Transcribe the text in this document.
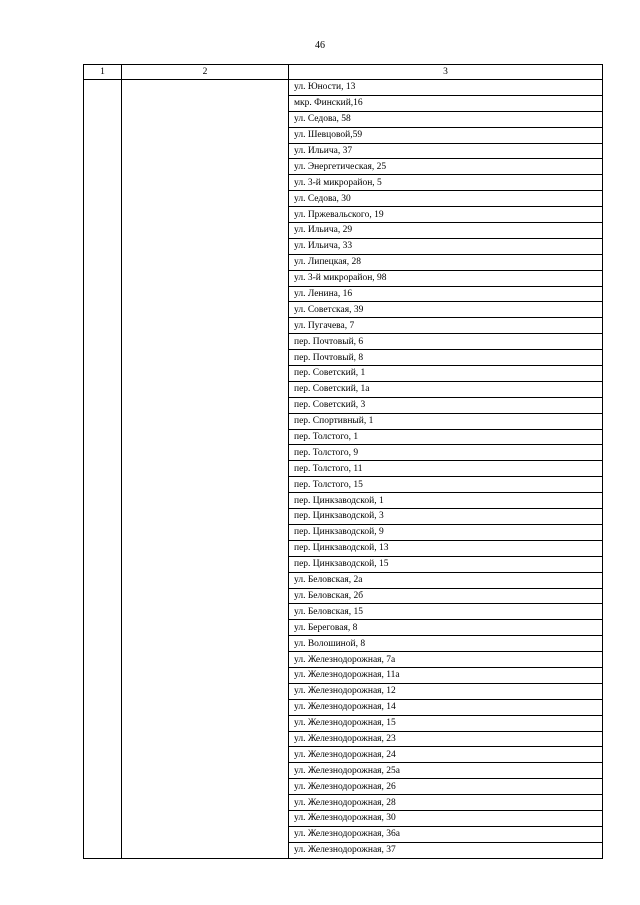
46
1	2	3
		ул. Юности, 13
		мкр. Финский,16
		ул. Седова, 58
		ул. Шевцовой,59
		ул. Ильича, 37
		ул. Энергетическая, 25
		ул. 3-й микрорайон, 5
		ул. Седова, 30
		ул. Пржевальского, 19
		ул. Ильича, 29
		ул. Ильича, 33
		ул. Липецкая, 28
		ул. 3-й микрорайон, 98
		ул. Ленина, 16
		ул. Советская, 39
		ул. Пугачева, 7
		пер. Почтовый, 6
		пер. Почтовый, 8
		пер. Советский, 1
		пер. Советский, 1а
		пер. Советский, 3
		пер. Спортивный, 1
		пер. Толстого, 1
		пер. Толстого, 9
		пер. Толстого, 11
		пер. Толстого, 15
		пер. Цинкзаводской, 1
		пер. Цинкзаводской, 3
		пер. Цинкзаводской, 9
		пер. Цинкзаводской, 13
		пер. Цинкзаводской, 15
		ул. Беловская, 2а
		ул. Беловская, 2б
		ул. Беловская, 15
		ул. Береговая, 8
		ул. Волошиной, 8
		ул. Железнодорожная, 7а
		ул. Железнодорожная, 11а
		ул. Железнодорожная, 12
		ул. Железнодорожная, 14
		ул. Железнодорожная, 15
		ул. Железнодорожная, 23
		ул. Железнодорожная, 24
		ул. Железнодорожная, 25а
		ул. Железнодорожная, 26
		ул. Железнодорожная, 28
		ул. Железнодорожная, 30
		ул. Железнодорожная, 36а
		ул. Железнодорожная, 37
